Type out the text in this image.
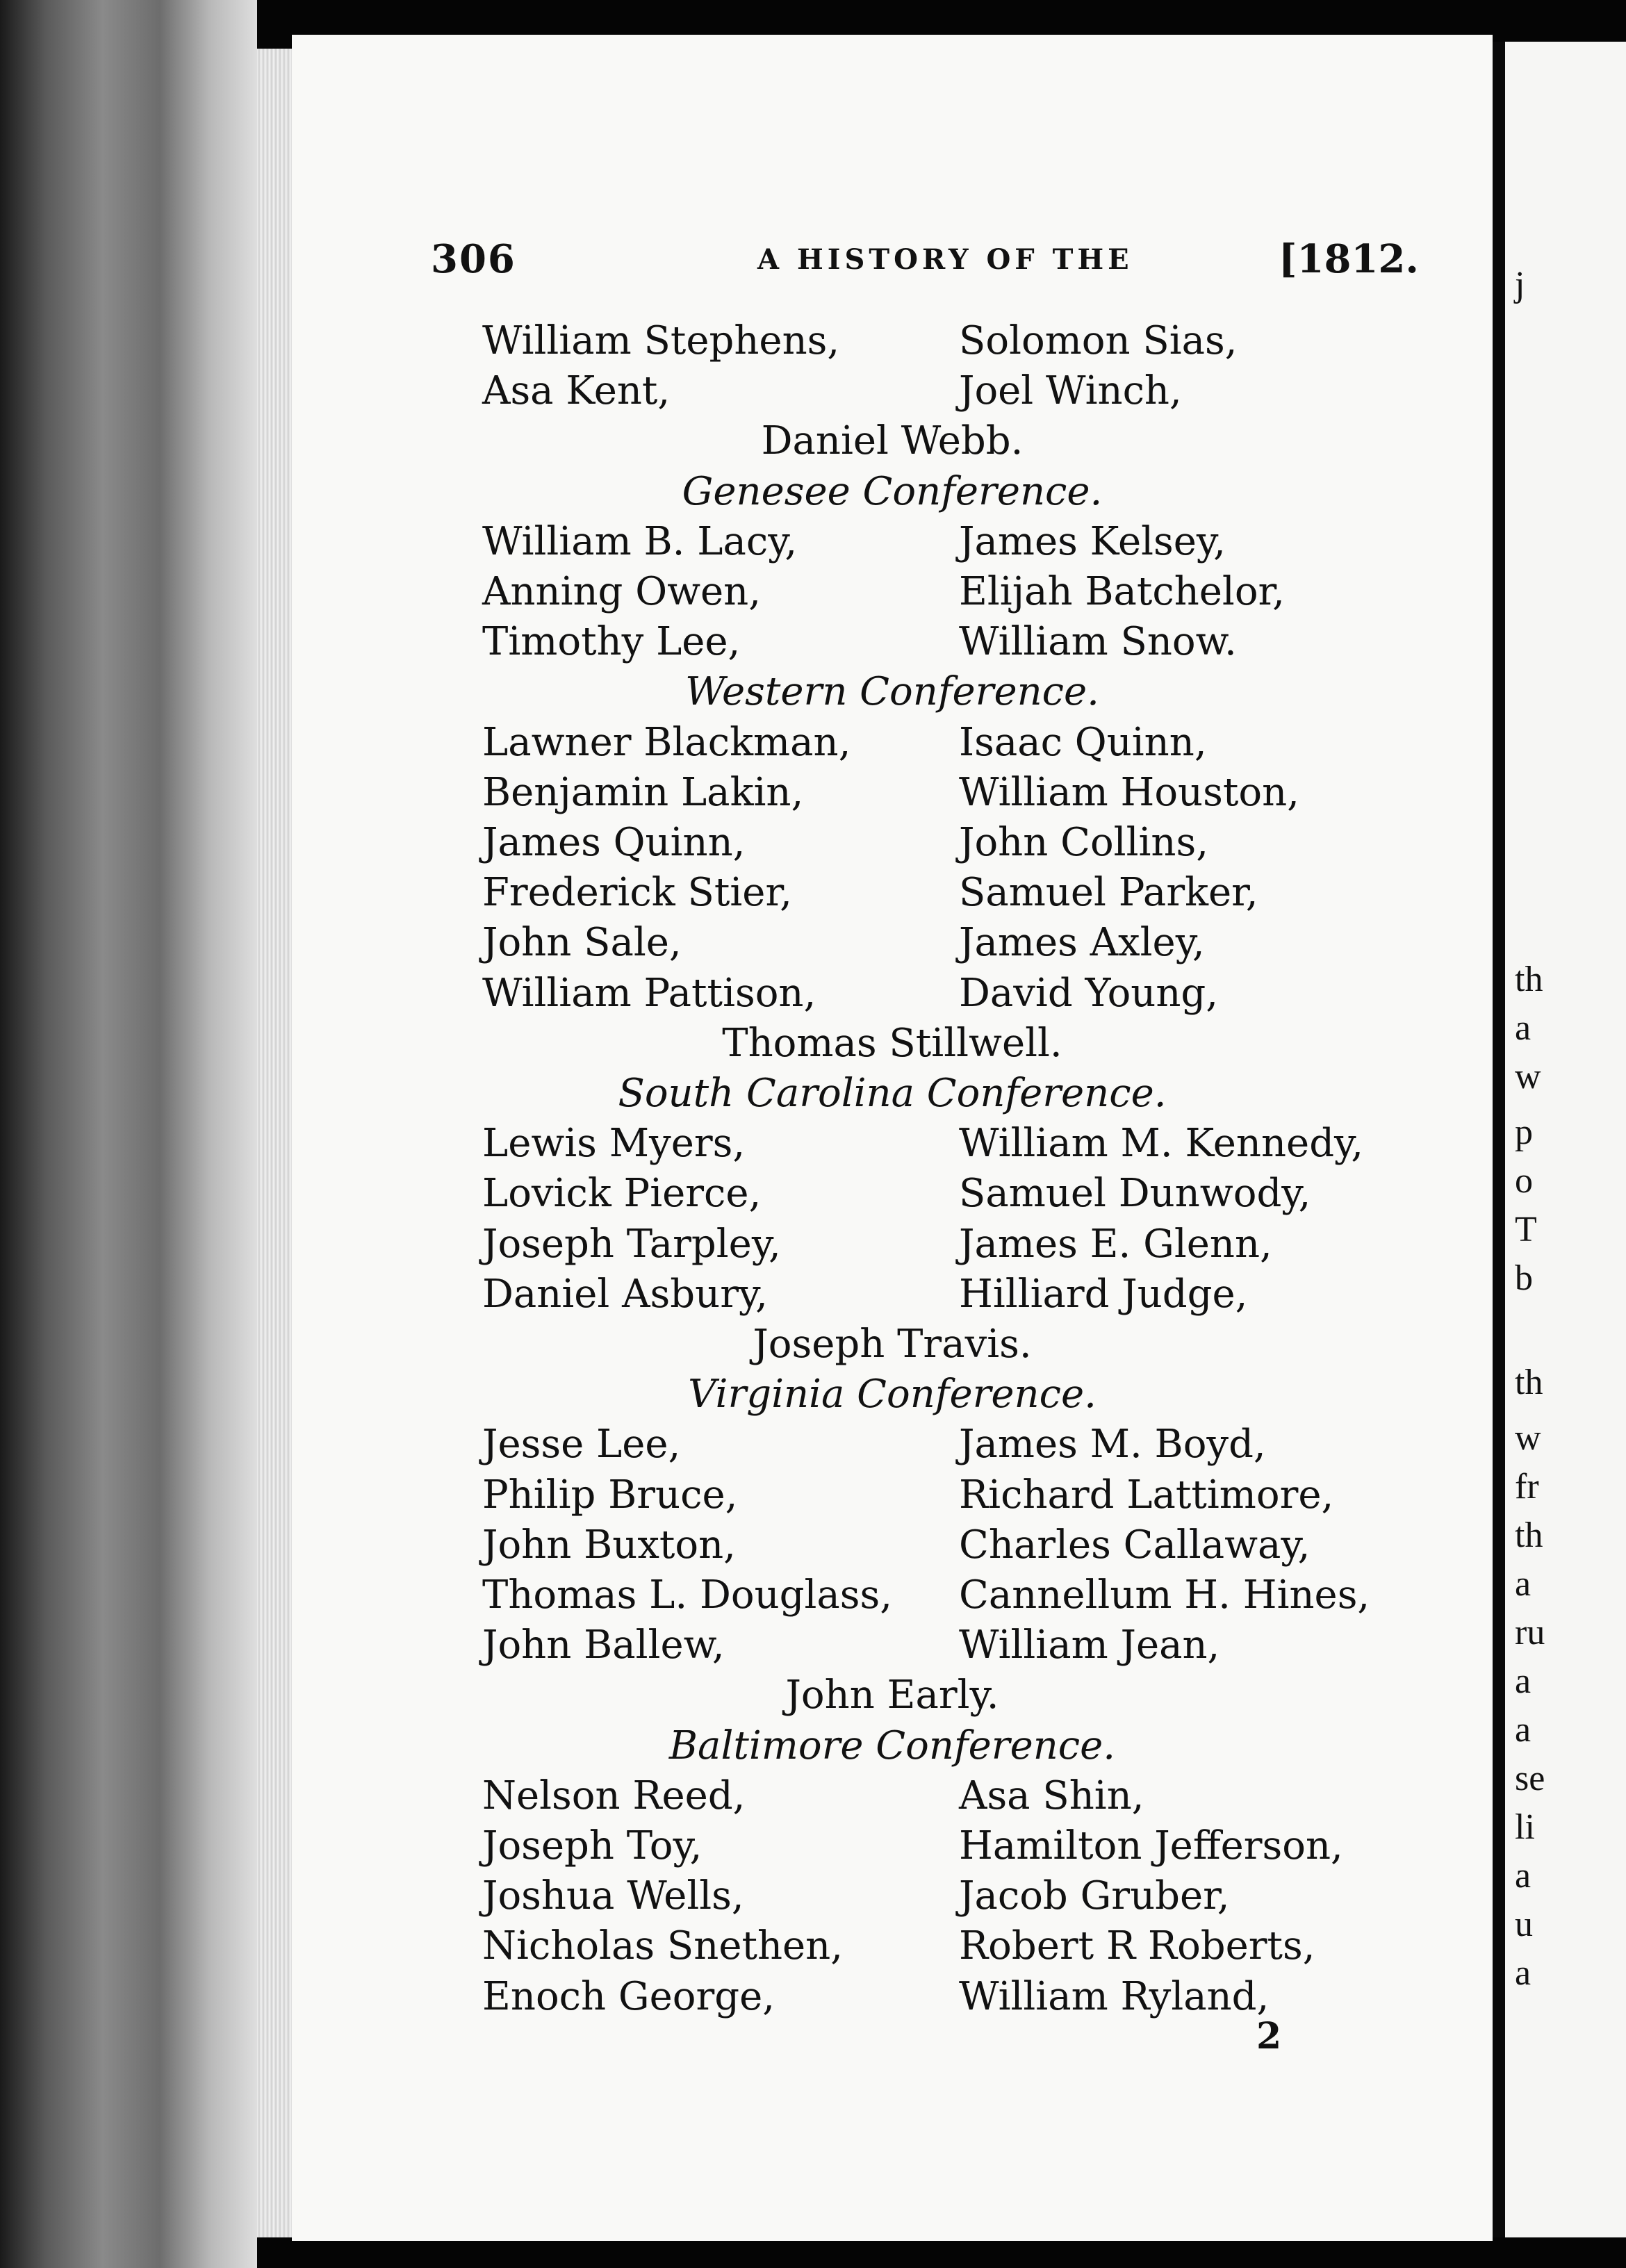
j
th
a
w
p
o
T
b
th
w
fr
th
a
ru
a
a
se
li
a
u
a
306	A HISTORY OF THE	[1812.
William Stephens,	Solomon Sias,
Asa Kent,	Joel Winch,
Daniel Webb.
Genesee Conference.
William B. Lacy,	James Kelsey,
Anning Owen,	Elijah Batchelor,
Timothy Lee,	William Snow.
Western Conference.
Lawner Blackman,	Isaac Quinn,
Benjamin Lakin,	William Houston,
James Quinn,	John Collins,
Frederick Stier,	Samuel Parker,
John Sale,	James Axley,
William Pattison,	David Young,
Thomas Stillwell.
South Carolina Conference.
Lewis Myers,	William M. Kennedy,
Lovick Pierce,	Samuel Dunwody,
Joseph Tarpley,	James E. Glenn,
Daniel Asbury,	Hilliard Judge,
Joseph Travis.
Virginia Conference.
Jesse Lee,	James M. Boyd,
Philip Bruce,	Richard Lattimore,
John Buxton,	Charles Callaway,
Thomas L. Douglass, Cannellum H. Hines,
John Ballew,	William Jean,
John Early.
Baltimore Conference.
Nelson Reed,	Asa Shin,
Joseph Toy,	Hamilton Jefferson,
Joshua Wells,	Jacob Gruber,
Nicholas Snethen,	Robert R Roberts,
Enoch George,	William Ryland,
2
